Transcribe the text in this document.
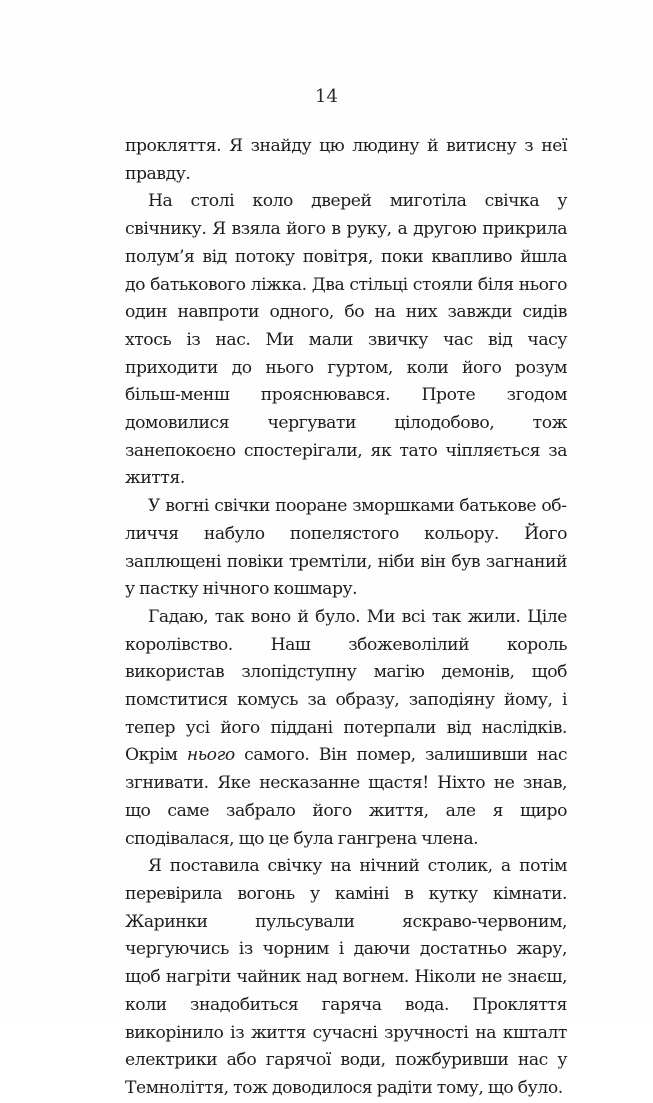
14

прокляття. Я знайду цю людину й витисну з неї правду.

На столі коло дверей миготіла свічка у свічнику. Я взяла його в руку, а другою прикрила полум’я від потоку повітря, поки квапливо йшла до батькового ліжка. Два стільці стояли біля нього один навпроти одного, бо на них завжди сидів хтось із нас. Ми мали звичку час від часу приходити до нього гуртом, коли його розум більш-менш прояснювався. Проте згодом домовилися чергувати цілодобово, тож занепокоєно спостерігали, як тато чіпляється за життя.

У вогні свічки пооране зморшками батькове обличчя набуло попелястого кольору. Його заплющені повіки тремтіли, ніби він був загнаний у пастку нічного кошмару.

Гадаю, так воно й було. Ми всі так жили. Ціле королівство. Наш збожеволілий король використав злопідступну магію демонів, щоб помститися комусь за образу, заподіяну йому, і тепер усі його піддані потерпали від наслідків. Окрім нього самого. Він помер, залишивши нас згнивати. Яке несказанне щастя! Ніхто не знав, що саме забрало його життя, але я щиро сподівалася, що це була гангрена члена.

Я поставила свічку на нічний столик, а потім перевірила вогонь у каміні в кутку кімнати. Жаринки пульсували яскраво-червоним, чергуючись із чорним і даючи достатньо жару, щоб нагріти чайник над вогнем. Ніколи не знаєш, коли знадобиться гаряча вода. Прокляття викорінило із життя сучасні зручності на кшталт електрики або гарячої води, пожбуривши нас у Темноліття, тож доводилося радіти тому, що було.
